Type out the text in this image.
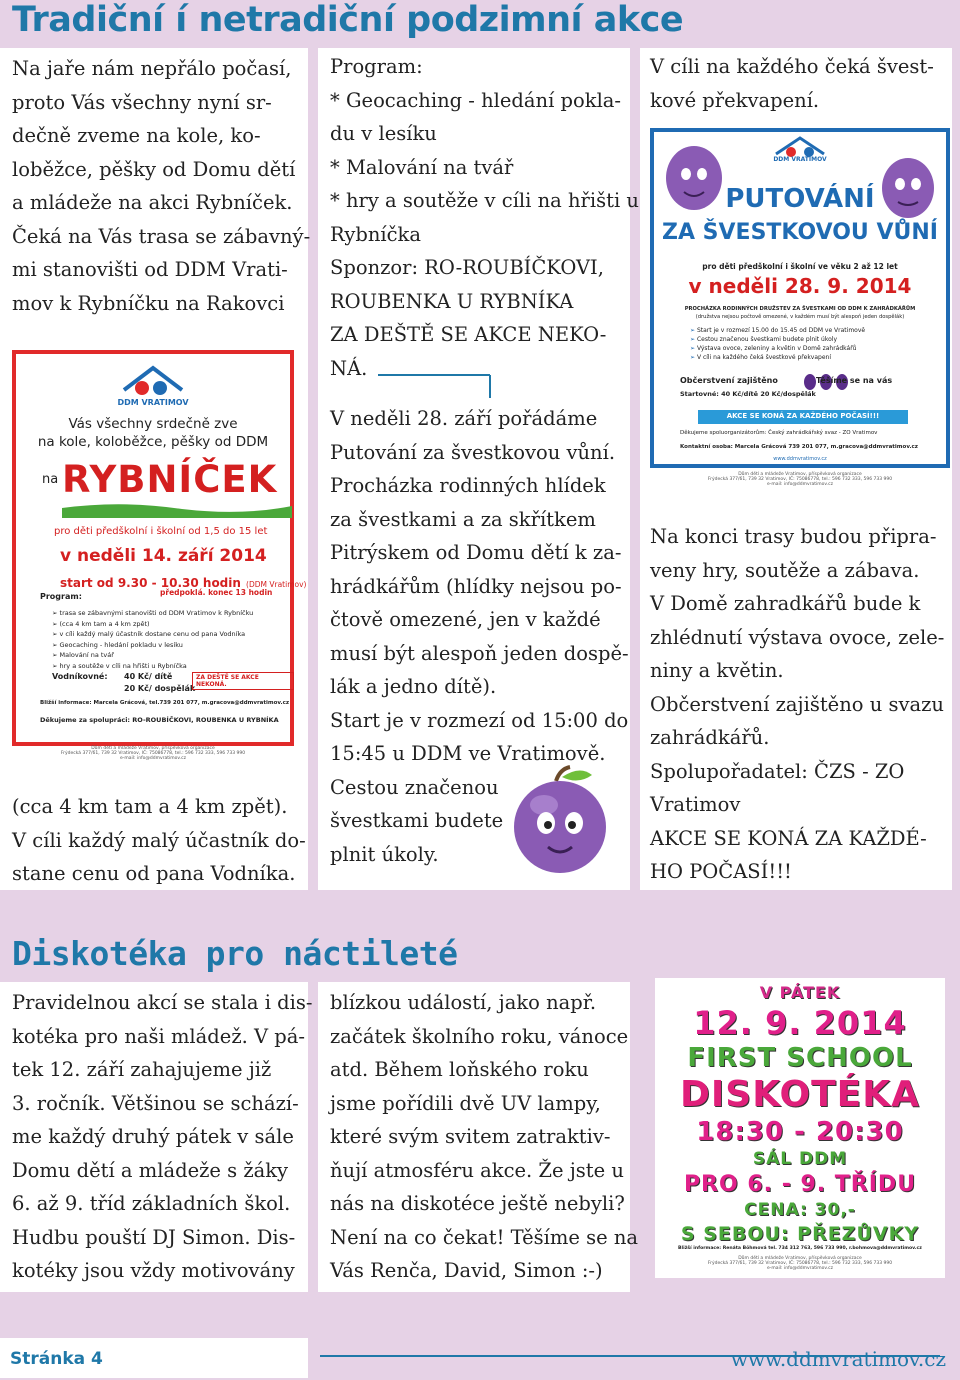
Tradiční í netradiční podzimní akce
Na jaře nám nepřálo počasí,
proto Vás všechny nyní sr-
dečně zveme na kole, ko-
loběžce, pěšky od Domu dětí
a mládeže na akci Rybníček.
Čeká na Vás trasa se zábavný-
mi stanovišti od DDM Vrati-
mov k Rybníčku na Rakovci
(cca 4 km tam a 4 km zpět).
V cíli každý malý účastník do-
stane cenu od pana Vodníka.
Program:
* Geocaching - hledání pokla-
du v lesíku
* Malování na tvář
* hry a soutěže v cíli na hřišti u
Rybníčka
Sponzor: RO-ROUBÍČKOVI,
ROUBENKA U RYBNÍKA
ZA DEŠTĚ SE AKCE NEKO-
NÁ.
V neděli 28. září pořádáme
Putování za švestkovou vůní.
Procházka rodinných hlídek
za švestkami a za skřítkem
Pitrýskem od Domu dětí k za-
hrádkářům (hlídky nejsou po-
čtově omezené, jen v každé
musí být alespoň jeden dospě-
lák a jedno dítě).
Start je v rozmezí od 15:00 do
15:45 u DDM ve Vratimově.
Cestou značenou
švestkami budete
plnit úkoly.
V cíli na každého čeká švest-
kové překvapení.
Na konci trasy budou připra-
veny hry, soutěže a zábava.
V Domě zahradkářů bude k
zhlédnutí výstava ovoce, zele-
niny a květin.
Občerstvení zajištěno u svazu
zahrádkářů.
Spolupořadatel: ČZS - ZO
Vratimov
AKCE SE KONÁ ZA KAŽDÉ-
HO POČASÍ!!!
DDM VRATIMOV
Vás všechny srdečně zve
na kole, koloběžce, pěšky od DDM
na RYBNÍČEK
pro děti předškolní i školní od 1,5 do 15 let
v neděli 14. září 2014
start od 9.30 - 10.30 hodin (DDM Vratimov)
předpoklá. konec 13 hodin
Program:
➢ trasa se zábavnými stanovišti od DDM Vratimov k Rybníčku
➢ (cca 4 km tam a 4 km zpět)
➢ v cíli každý malý účastník dostane cenu od pana Vodníka
➢ Geocaching - hledání pokladu v lesíku
➢ Malování na tvář
➢ hry a soutěže v cíli na hřišti u Rybníčka
Vodníkovné: 40 Kč/ dítě
20 Kč/ dospělák
ZA DEŠTĚ SE AKCE NEKONÁ.
Bližší informace: Marcela Grácová, tel.739 201 077, m.gracova@ddmvratimov.cz
Děkujeme za spolupráci: RO-ROUBÍČKOVI, ROUBENKA U RYBNÍKA
Dům dětí a mládeže Vratimov, příspěvková organizace
Frýdecká 377/61, 739 32 Vratimov, IČ: 75086778, tel.: 596 732 333, 596 733 990
e-mail: info@ddmvratimov.cz
DDM VRATIMOV
PUTOVÁNÍ
ZA ŠVESTKOVOU VŮNÍ
pro děti předškolní i školní ve věku 2 až 12 let
v neděli 28. 9. 2014
PROCHÁZKA RODINNÝCH DRUŽSTEV ZA ŠVESTKAMI OD DDM K ZAHRÁDKÁŘŮM
(družstva nejsou počtově omezené, v každém musí být alespoň jeden dospělák)
➢ Start je v rozmezí 15.00 do 15.45 od DDM ve Vratimově
➢ Cestou značenou švestkami budete plnit úkoly
➢ Výstava ovoce, zeleniny a květin v Domě zahrádkářů
➢ V cíli na každého čeká švestkové překvapení
Občerstvení zajištěno	Těšíme se na vás
Startovné: 40 Kč/dítě 20 Kč/dospělák
AKCE SE KONÁ ZA KAŽDÉHO POČASÍ!!!
Děkujeme spoluorganizátorům: Český zahrádkářský svaz - ZO Vratimov
Kontaktní osoba: Marcela Grácová 739 201 077, m.gracova@ddmvratimov.cz
www.ddmvratimov.cz
Dům dětí a mládeže Vratimov, příspěvková organizace
Frýdecká 377/61, 739 32 Vratimov, IČ: 75086778, tel.: 596 732 333, 596 733 990
e-mail: info@ddmvratimov.cz
Diskotéka pro náctileté
Pravidelnou akcí se stala i dis-
kotéka pro naši mládež. V pá-
tek 12. září zahajujeme již
3. ročník. Většinou se schází-
me každý druhý pátek v sále
Domu dětí a mládeže s žáky
6. až 9. tříd základních škol.
Hudbu pouští DJ Simon. Dis-
kotéky jsou vždy motivovány
blízkou událostí, jako např.
začátek školního roku, vánoce
atd. Během loňského roku
jsme pořídili dvě UV lampy,
které svým svitem zatraktiv-
ňují atmosféru akce. Že jste u
nás na diskotéce ještě nebyli?
Není na co čekat! Těšíme se na
Vás Renča, David, Simon :-)
V PÁTEK
12. 9. 2014
FIRST SCHOOL
DISKOTÉKA
18:30 - 20:30
SÁL DDM
PRO 6. - 9. TŘÍDU
CENA: 30,-
S SEBOU: PŘEZŮVKY
Bližší informace: Renáta Böhmová tel. 734 312 763, 596 733 990, r.bohmova@ddmvratimov.cz
Dům dětí a mládeže Vratimov, příspěvková organizace
Frýdecká 377/61, 739 32 Vratimov, IČ: 75086778, tel.: 596 732 333, 596 733 990
e-mail: info@ddmvratimov.cz
Stránka 4	www.ddmvratimov.cz
